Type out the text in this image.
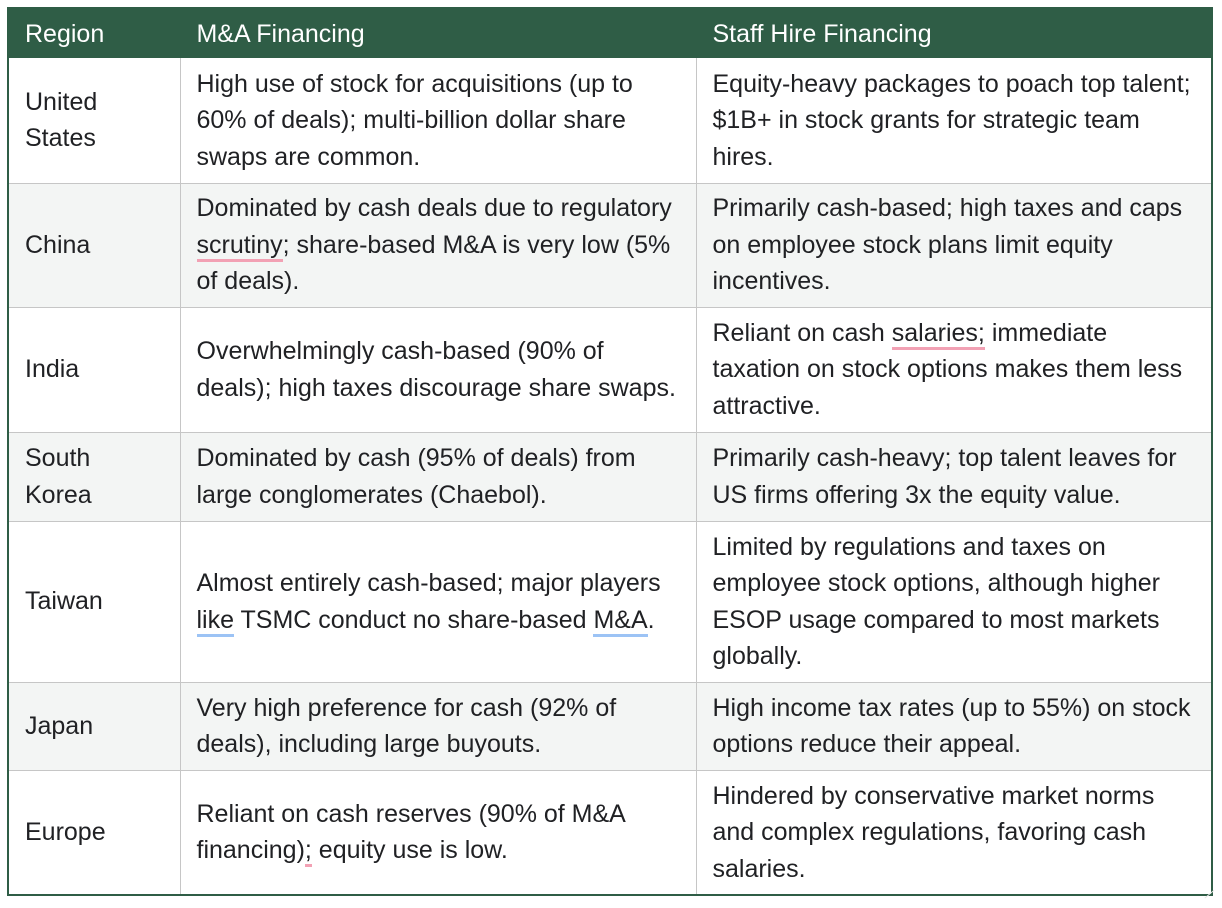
Region	M&A Financing	Staff Hire Financing
United States	High use of stock for acquisitions (up to 60% of deals); multi-billion dollar share swaps are common.	Equity-heavy packages to poach top talent; $1B+ in stock grants for strategic team hires.
China	Dominated by cash deals due to regulatory scrutiny; share-based M&A is very low (5% of deals).	Primarily cash-based; high taxes and caps on employee stock plans limit equity incentives.
India	Overwhelmingly cash-based (90% of deals); high taxes discourage share swaps.	Reliant on cash salaries; immediate taxation on stock options makes them less attractive.
South Korea	Dominated by cash (95% of deals) from large conglomerates (Chaebol).	Primarily cash-heavy; top talent leaves for US firms offering 3x the equity value.
Taiwan	Almost entirely cash-based; major players like TSMC conduct no share-based M&A.	Limited by regulations and taxes on employee stock options, although higher ESOP usage compared to most markets globally.
Japan	Very high preference for cash (92% of deals), including large buyouts.	High income tax rates (up to 55%) on stock options reduce their appeal.
Europe	Reliant on cash reserves (90% of M&A financing); equity use is low.	Hindered by conservative market norms and complex regulations, favoring cash salaries.
